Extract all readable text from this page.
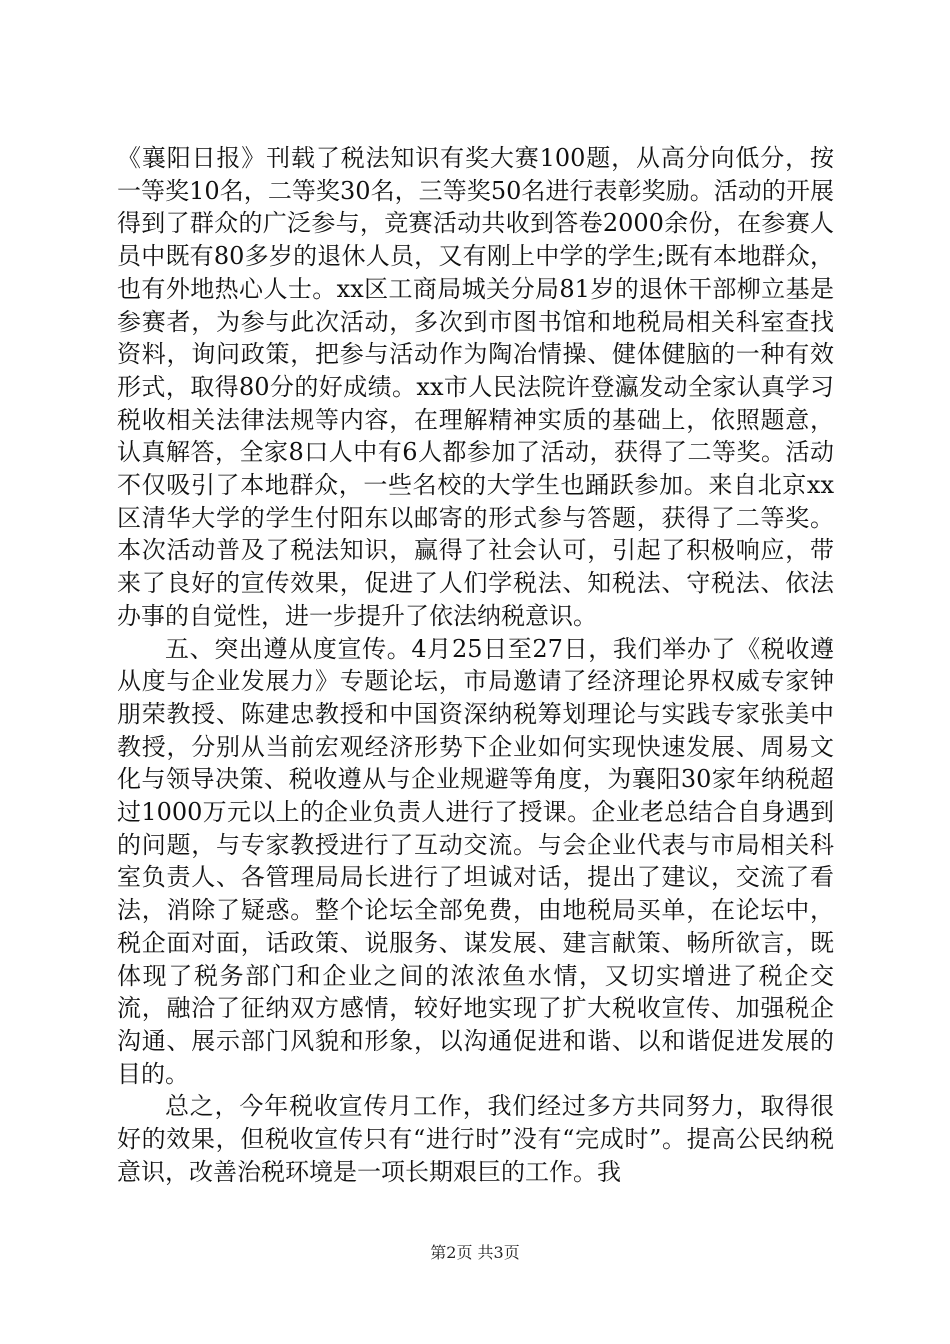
《襄阳日报》刊载了税法知识有奖大赛100题，从高分向低分，按一等奖10名，二等奖30名，三等奖50名进行表彰奖励。活动的开展得到了群众的广泛参与，竞赛活动共收到答卷2000余份，在参赛人员中既有80多岁的退休人员，又有刚上中学的学生;既有本地群众，也有外地热心人士。xx区工商局城关分局81岁的退休干部柳立基是参赛者，为参与此次活动，多次到市图书馆和地税局相关科室查找资料，询问政策，把参与活动作为陶冶情操、健体健脑的一种有效形式，取得80分的好成绩。xx市人民法院许登瀛发动全家认真学习税收相关法律法规等内容，在理解精神实质的基础上，依照题意，认真解答，全家8口人中有6人都参加了活动，获得了二等奖。活动不仅吸引了本地群众，一些名校的大学生也踊跃参加。来自北京xx区清华大学的学生付阳东以邮寄的形式参与答题，获得了二等奖。本次活动普及了税法知识，赢得了社会认可，引起了积极响应，带来了良好的宣传效果，促进了人们学税法、知税法、守税法、依法办事的自觉性，进一步提升了依法纳税意识。

五、突出遵从度宣传。4月25日至27日，我们举办了《税收遵从度与企业发展力》专题论坛，市局邀请了经济理论界权威专家钟朋荣教授、陈建忠教授和中国资深纳税筹划理论与实践专家张美中教授，分别从当前宏观经济形势下企业如何实现快速发展、周易文化与领导决策、税收遵从与企业规避等角度，为襄阳30家年纳税超过1000万元以上的企业负责人进行了授课。企业老总结合自身遇到的问题，与专家教授进行了互动交流。与会企业代表与市局相关科室负责人、各管理局局长进行了坦诚对话，提出了建议，交流了看法，消除了疑惑。整个论坛全部免费，由地税局买单，在论坛中，税企面对面，话政策、说服务、谋发展、建言献策、畅所欲言，既体现了税务部门和企业之间的浓浓鱼水情，又切实增进了税企交流，融洽了征纳双方感情，较好地实现了扩大税收宣传、加强税企沟通、展示部门风貌和形象，以沟通促进和谐、以和谐促进发展的目的。

总之，今年税收宣传月工作，我们经过多方共同努力，取得很好的效果，但税收宣传只有“进行时”没有“完成时”。提高公民纳税意识，改善治税环境是一项长期艰巨的工作。我

第2页 共3页
